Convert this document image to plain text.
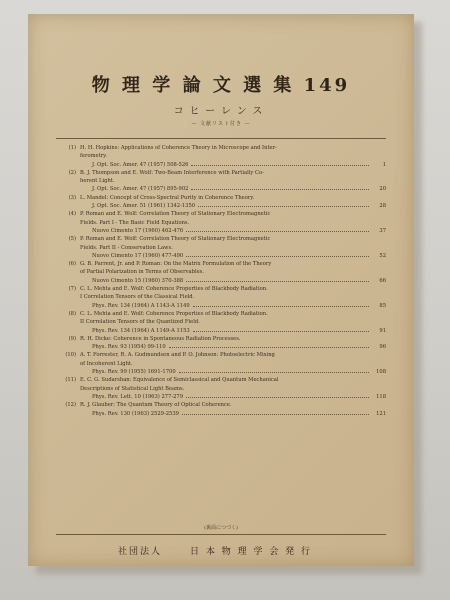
物 理 学 論 文 選 集 149
コヒーレンス
— 文献リスト付き —
(1) H. H. Hopkins: Applications of Coherence Theory in Microscope and Inter-
ferometry.
J. Opt. Soc. Amer. 47 (1957) 508-526	1
(2) B. J. Thompson and E. Wolf: Two-Beam Interference with Partially Co-
herent Light.
J. Opt. Soc. Amer. 47 (1957) 895-902	20
(3) L. Mandel: Concept of Cross-Spectral Purity in Coherence Theory.
J. Opt. Soc. Amer. 51 (1961) 1342-1350	28
(4) P. Roman and E. Wolf: Correlation Theory of Stationary Electromagnetic
Fields. Part I - The Basic Field Equations.
Nuovo Cimento 17 (1960) 462-476	37
(5) P. Roman and E. Wolf: Correlation Theory of Stationary Electromagnetic
Fields. Part II - Conservation Laws.
Nuovo Cimento 17 (1960) 477-490	52
(6) G. B. Parrent, Jr. and P. Roman: On the Matrix Formulation of the Theory
of Partial Polarization in Terms of Observables.
Nuovo Cimento 15 (1960) 370-388	66
(7) C. L. Mehta and E. Wolf: Coherence Properties of Blackbody Radiation.
I Correlation Tensors of the Classical Field.
Phys. Rev. 134 (1964) A 1143-A 1149	85
(8) C. L. Mehta and E. Wolf: Coherence Properties of Blackbody Radiation.
II Correlation Tensors of the Quantized Field.
Phys. Rev. 134 (1964) A 1149-A 1153	91
(9) R. H. Dicke: Coherence in Spontaneous Radiation Processes.
Phys. Rev. 93 (1954) 99-110	96
(10) A. T. Forrester, R. A. Gudmundsen and P. O. Johnson: Photoelectric Mixing
of Incoherent Light.
Phys. Rev. 99 (1955) 1691-1700	108
(11) E. C. G. Sudarshan: Equivalence of Semiclassical and Quantum Mechanical
Descriptions of Statistical Light Beams.
Phys. Rev. Lett. 10 (1963) 277-279	118
(12) R. J. Glauber: The Quantum Theory of Optical Coherence.
Phys. Rev. 130 (1963) 2529-2539	121
(裏面につづく)
社団法人	日 本 物 理 学 会 発 行
